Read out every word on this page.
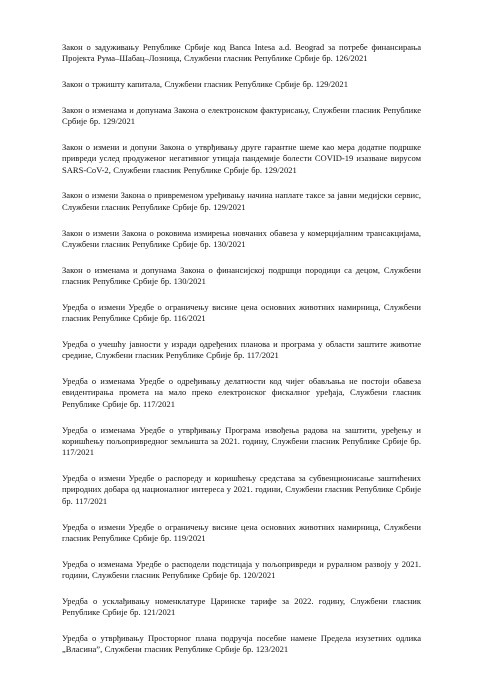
Закон о задуживању Републике Србије код Banca Intesa a.d. Beograd за потребе финансирања Пројекта Рума–Шабац–Лозница, Службени гласник Републике Србије бр. 126/2021

Закон о тржишту капитала, Службени гласник Републике Србије бр. 129/2021

Закон о изменама и допунама Закона о електронском фактурисању, Службени гласник Републике Србије бр. 129/2021

Закон о измени и допуни Закона о утврђивању друге гарантне шеме као мера додатне подршке привреди услед продуженог негативног утицаја пандемије болести COVID-19 изазване вирусом SARS-CoV-2, Службени гласник Републике Србије бр. 129/2021

Закон о измени Закона о привременом уређивању начина наплате таксе за јавни медијски сервис, Службени гласник Републике Србије бр. 129/2021

Закон о измени Закона о роковима измирења новчаних обавеза у комерцијалним трансакцијама, Службени гласник Републике Србије бр. 130/2021

Закон о изменама и допунама Закона о финансијској подршци породици са децом, Службени гласник Републике Србије бр. 130/2021

Уредба о измени Уредбе о ограничењу висине цена основних животних намирница, Службени гласник Републике Србије бр. 116/2021

Уредба о учешћу јавности у изради одређених планова и програма у области заштите животне средине, Службени гласник Републике Србије бр. 117/2021

Уредба о изменама Уредбе о одређивању делатности код чијег обављања не постоји обавеза евидентирања промета на мало преко електронског фискалног уређаја, Службени гласник Републике Србије бр. 117/2021

Уредба о изменама Уредбе о утврђивању Програма извођења радова на заштити, уређењу и коришћењу пољопривредног земљишта за 2021. годину, Службени гласник Републике Србије бр. 117/2021

Уредба о измени Уредбе о распореду и коришћењу средстава за субвенционисање заштићених природних добара од националног интереса у 2021. години, Службени гласник Републике Србије бр. 117/2021

Уредба о измени Уредбе о ограничењу висине цена основних животних намирница, Службени гласник Републике Србије бр. 119/2021

Уредба о изменама Уредбе о расподели подстицаја у пољопривреди и руралном развоју у 2021. години, Службени гласник Републике Србије бр. 120/2021

Уредба о усклађивању номенклатуре Царинске тарифе за 2022. годину, Службени гласник Републике Србије бр. 121/2021

Уредба о утврђивању Просторног плана подручја посебне намене Предела изузетних одлика „Власина”, Службени гласник Републике Србије бр. 123/2021
